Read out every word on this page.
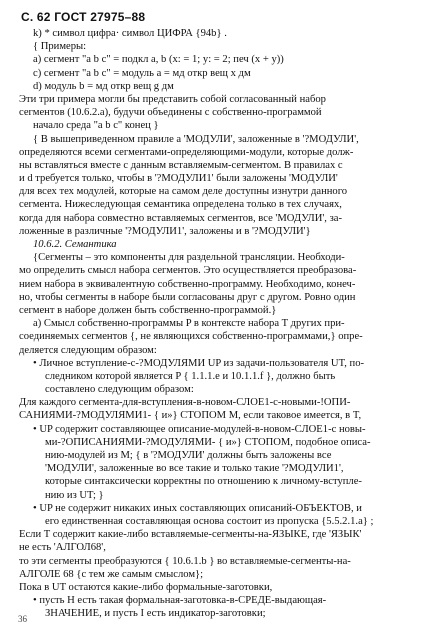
С. 62 ГОСТ 27975–88
k) * символ цифра· символ ЦИФРА {94b} .
{ Примеры:
а) сегмент "a b c" = подкл a, b (x: = 1; y: = 2; печ (x + y))
c) сегмент "a b c" = модуль a = мд откр вещ x дм
d) модуль b = мд откр вещ g дм
Эти три примера могли бы представить собой согласованный набор
сегментов (10.6.2.а), будучи объединены с собственно-программой
начало среда "a b c" конец }
{ В вышеприведенном правиле a 'МОДУЛИ', заложенные в '?МОДУЛИ',
определяются всеми сегментами-определяющими-модули, которые долж-
ны вставляться вместе с данным вставляемым-сегментом. В правилах c
и d требуется только, чтобы в '?МОДУЛИ1' были заложены 'МОДУЛИ'
для всех тех модулей, которые на самом деле доступны изнутри данного
сегмента. Нижеследующая семантика определена только в тех случаях,
когда для набора совместно вставляемых сегментов, все 'МОДУЛИ', за-
ложенные в различные '?МОДУЛИ1', заложены и в '?МОДУЛИ'}
10.6.2. Семантика
{Сегменты – это компоненты для раздельной трансляции. Необходи-
мо определить смысл набора сегментов. Это осуществляется преобразова-
нием набора в эквивалентную собственно-программу. Необходимо, конеч-
но, чтобы сегменты в наборе были согласованы друг с другом. Ровно один
сегмент в наборе должен быть собственно-программой.}
а) Смысл собственно-программы P в контексте набора T других при-
соединяемых сегментов {, не являющихся собственно-программами,} опре-
деляется следующим образом:
• Личное вступление-с-?МОДУЛЯМИ UP из задачи-пользователя UT, по-
следником которой является P { 1.1.1.e и 10.1.1.f }, должно быть
составлено следующим образом:
Для каждого сегмента-для-вступления-в-новом-СЛОЕ1-с-новыми-!ОПИ-
САНИЯМИ-?МОДУЛЯМИ1- { и»} СТОПОМ M, если таковое имеется, в T,
• UP содержит составляющее описание-модулей-в-новом-СЛОЕ1-с новы-
ми-?ОПИСАНИЯМИ-?МОДУЛЯМИ- { и»} СТОПОМ, подобное описа-
нию-модулей из M; { в '?МОДУЛИ' должны быть заложены все
'МОДУЛИ', заложенные во все такие и только такие '?МОДУЛИ1',
которые синтаксически корректны по отношению к личному-вступле-
нию из UT; }
• UP не содержит никаких иных составляющих описаний-ОБЪЕКТОВ, и
его единственная составляющая основа состоит из пропуска {5.5.2.1.a} ;
Если T содержит какие-либо вставляемые-сегменты-на-ЯЗЫКЕ, где 'ЯЗЫК'
не есть 'АЛГОЛ68',
то эти сегменты преобразуются { 10.6.1.b } во вставляемые-сегменты-на-
АЛГОЛЕ 68 {с тем же самым смыслом};
Пока в UT остаются какие-либо формальные-заготовки,
• пусть Н есть такая формальная-заготовка-в-СРЕДЕ-выдающая-
ЗНАЧЕНИЕ, и пусть I есть индикатор-заготовки;
36
